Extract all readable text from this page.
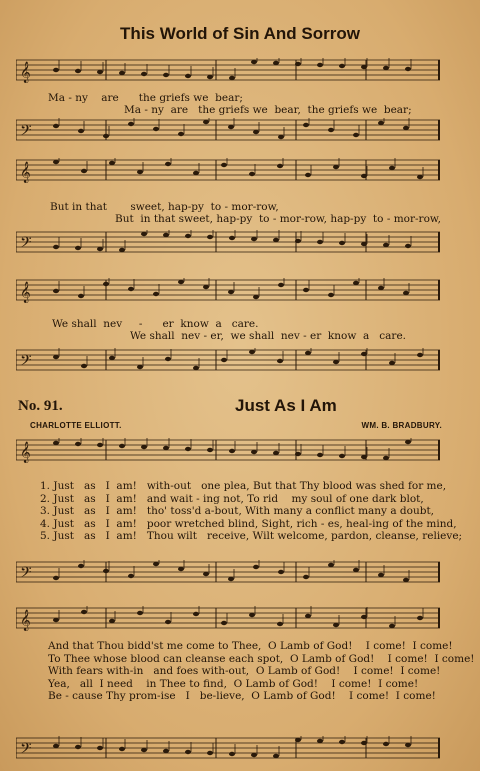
This World of Sin And Sorrow
𝄞
Ma - ny    are      the griefs we  bear;
Ma - ny  are   the griefs we  bear,  the griefs we  bear;
𝄢
𝄞
But in that       sweet, hap-py  to - mor-row,
But  in that sweet, hap-py  to - mor-row, hap-py  to - mor-row,
𝄢
𝄞
We shall  nev     -      er  know  a   care.
We shall  nev - er,  we shall  nev - er  know  a   care.
𝄢
No. 91.	Just As I Am
CHARLOTTE ELLIOTT.	WM. B. BRADBURY.
𝄞
1. Just   as   I  am!   with-out   one plea, But that Thy blood was shed for me,
2. Just   as   I  am!   and wait - ing not, To rid    my soul of one dark blot,
3. Just   as   I  am!   tho' toss'd a-bout, With many a conflict many a doubt,
4. Just   as   I  am!   poor wretched blind, Sight, rich - es, heal-ing of the mind,
5. Just   as   I  am!   Thou wilt   receive, Wilt welcome, pardon, cleanse, relieve;
𝄢
𝄞
And that Thou bidd'st me come to Thee,  O Lamb of God!    I come!  I come!
To Thee whose blood can cleanse each spot,  O Lamb of God!    I come!  I come!
With fears with-in   and foes with-out,  O Lamb of God!    I come!  I come!
Yea,   all  I need    in Thee to find,  O Lamb of God!    I come!  I come!
Be - cause Thy prom-ise   I   be-lieve,  O Lamb of God!    I come!  I come!
𝄢
